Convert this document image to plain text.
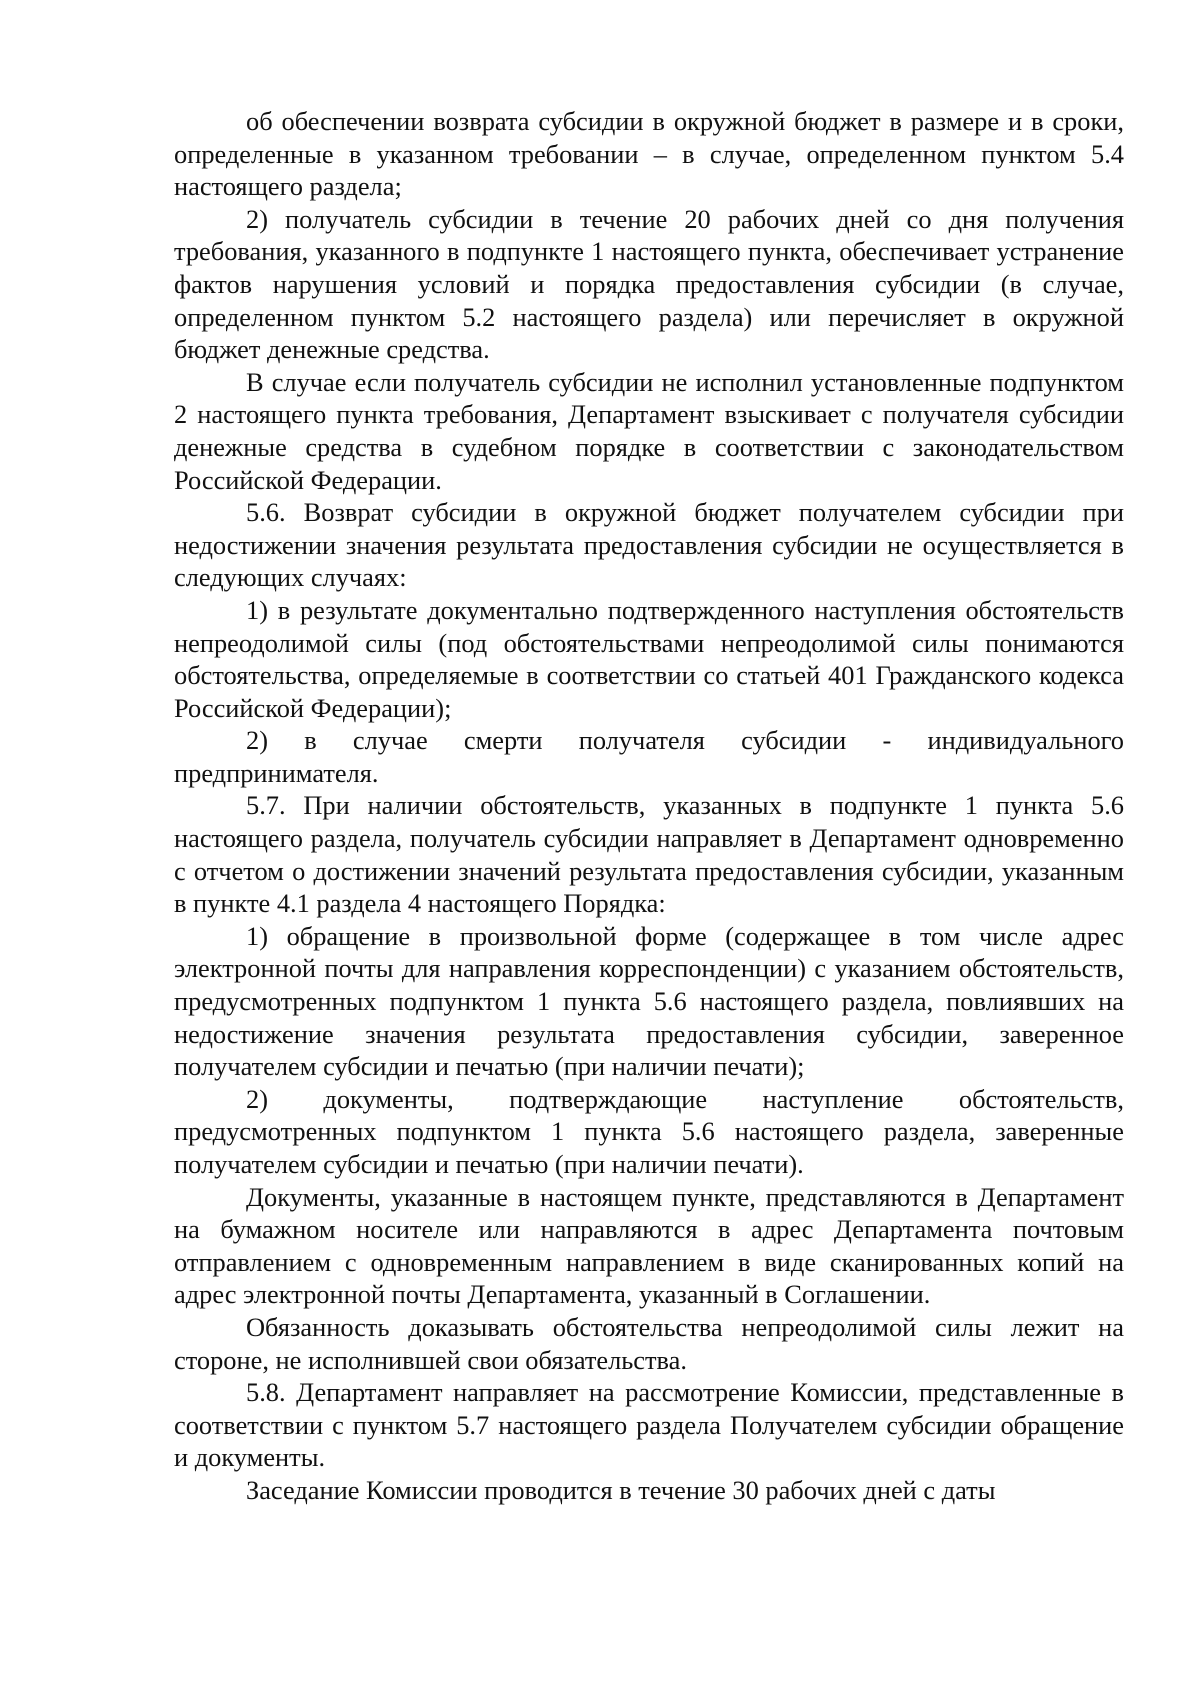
об обеспечении возврата субсидии в окружной бюджет в размере и в сроки, определенные в указанном требовании – в случае, определенном пунктом 5.4 настоящего раздела;

2) получатель субсидии в течение 20 рабочих дней со дня получения требования, указанного в подпункте 1 настоящего пункта, обеспечивает устранение фактов нарушения условий и порядка предоставления субсидии (в случае, определенном пунктом 5.2 настоящего раздела) или перечисляет в окружной бюджет денежные средства.

В случае если получатель субсидии не исполнил установленные подпунктом 2 настоящего пункта требования, Департамент взыскивает с получателя субсидии денежные средства в судебном порядке в соответствии с законодательством Российской Федерации.

5.6. Возврат субсидии в окружной бюджет получателем субсидии при недостижении значения результата предоставления субсидии не осуществляется в следующих случаях:

1) в результате документально подтвержденного наступления обстоятельств непреодолимой силы (под обстоятельствами непреодолимой силы понимаются обстоятельства, определяемые в соответствии со статьей 401 Гражданского кодекса Российской Федерации);

2) в случае смерти получателя субсидии - индивидуального предпринимателя.

5.7. При наличии обстоятельств, указанных в подпункте 1 пункта 5.6 настоящего раздела, получатель субсидии направляет в Департамент одновременно с отчетом о достижении значений результата предоставления субсидии, указанным в пункте 4.1 раздела 4 настоящего Порядка:

1) обращение в произвольной форме (содержащее в том числе адрес электронной почты для направления корреспонденции) с указанием обстоятельств, предусмотренных подпунктом 1 пункта 5.6 настоящего раздела, повлиявших на недостижение значения результата предоставления субсидии, заверенное получателем субсидии и печатью (при наличии печати);

2) документы, подтверждающие наступление обстоятельств, предусмотренных подпунктом 1 пункта 5.6 настоящего раздела, заверенные получателем субсидии и печатью (при наличии печати).

Документы, указанные в настоящем пункте, представляются в Департамент на бумажном носителе или направляются в адрес Департамента почтовым отправлением с одновременным направлением в виде сканированных копий на адрес электронной почты Департамента, указанный в Соглашении.

Обязанность доказывать обстоятельства непреодолимой силы лежит на стороне, не исполнившей свои обязательства.

5.8. Департамент направляет на рассмотрение Комиссии, представленные в соответствии с пунктом 5.7 настоящего раздела Получателем субсидии обращение и документы.

Заседание Комиссии проводится в течение 30 рабочих дней с даты
